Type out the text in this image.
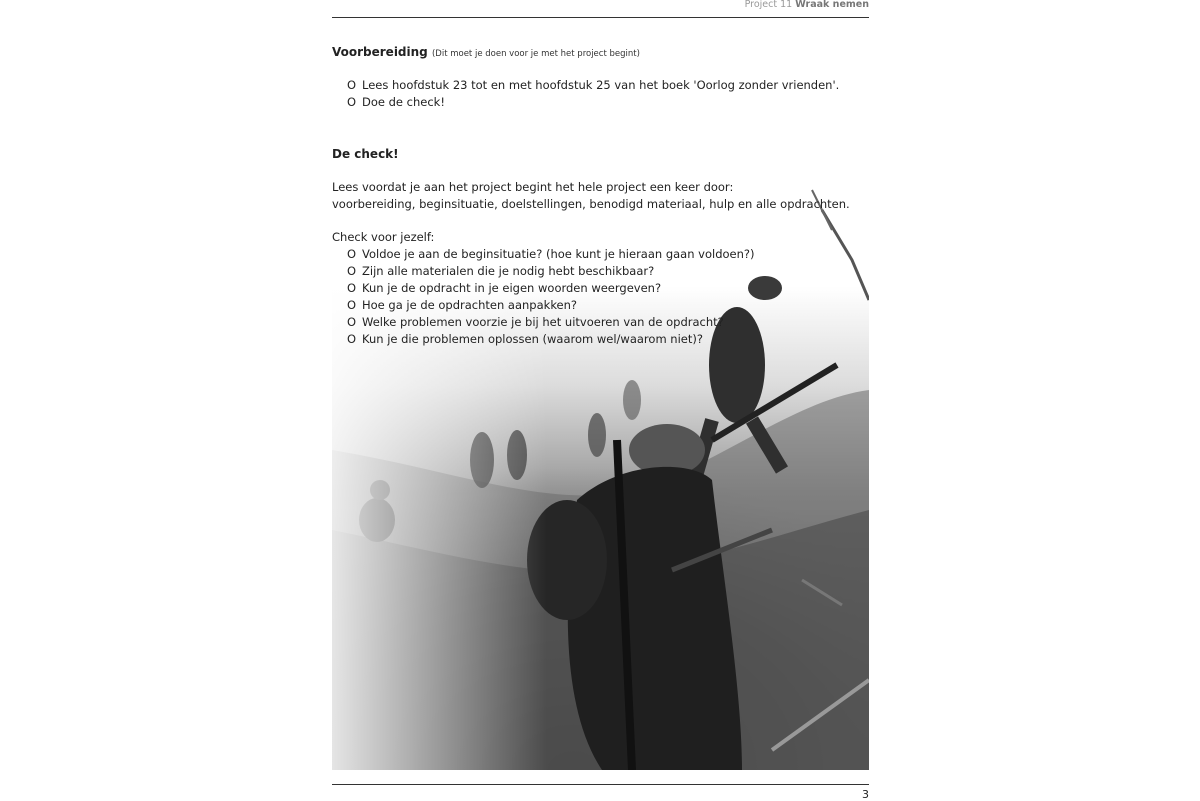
Project 11 Wraak nemen
Voorbereiding (Dit moet je doen voor je met het project begint)
O Lees hoofdstuk 23 tot en met hoofdstuk 25 van het boek 'Oorlog zonder vrienden'.
O Doe de check!
De check!
Lees voordat je aan het project begint het hele project een keer door:
voorbereiding, beginsituatie, doelstellingen, benodigd materiaal, hulp en alle opdrachten.
Check voor jezelf:
O Voldoe je aan de beginsituatie? (hoe kunt je hieraan gaan voldoen?)
O Zijn alle materialen die je nodig hebt beschikbaar?
O Kun je de opdracht in je eigen woorden weergeven?
O Hoe ga je de opdrachten aanpakken?
O Welke problemen voorzie je bij het uitvoeren van de opdracht?
O Kun je die problemen oplossen (waarom wel/waarom niet)?
3
